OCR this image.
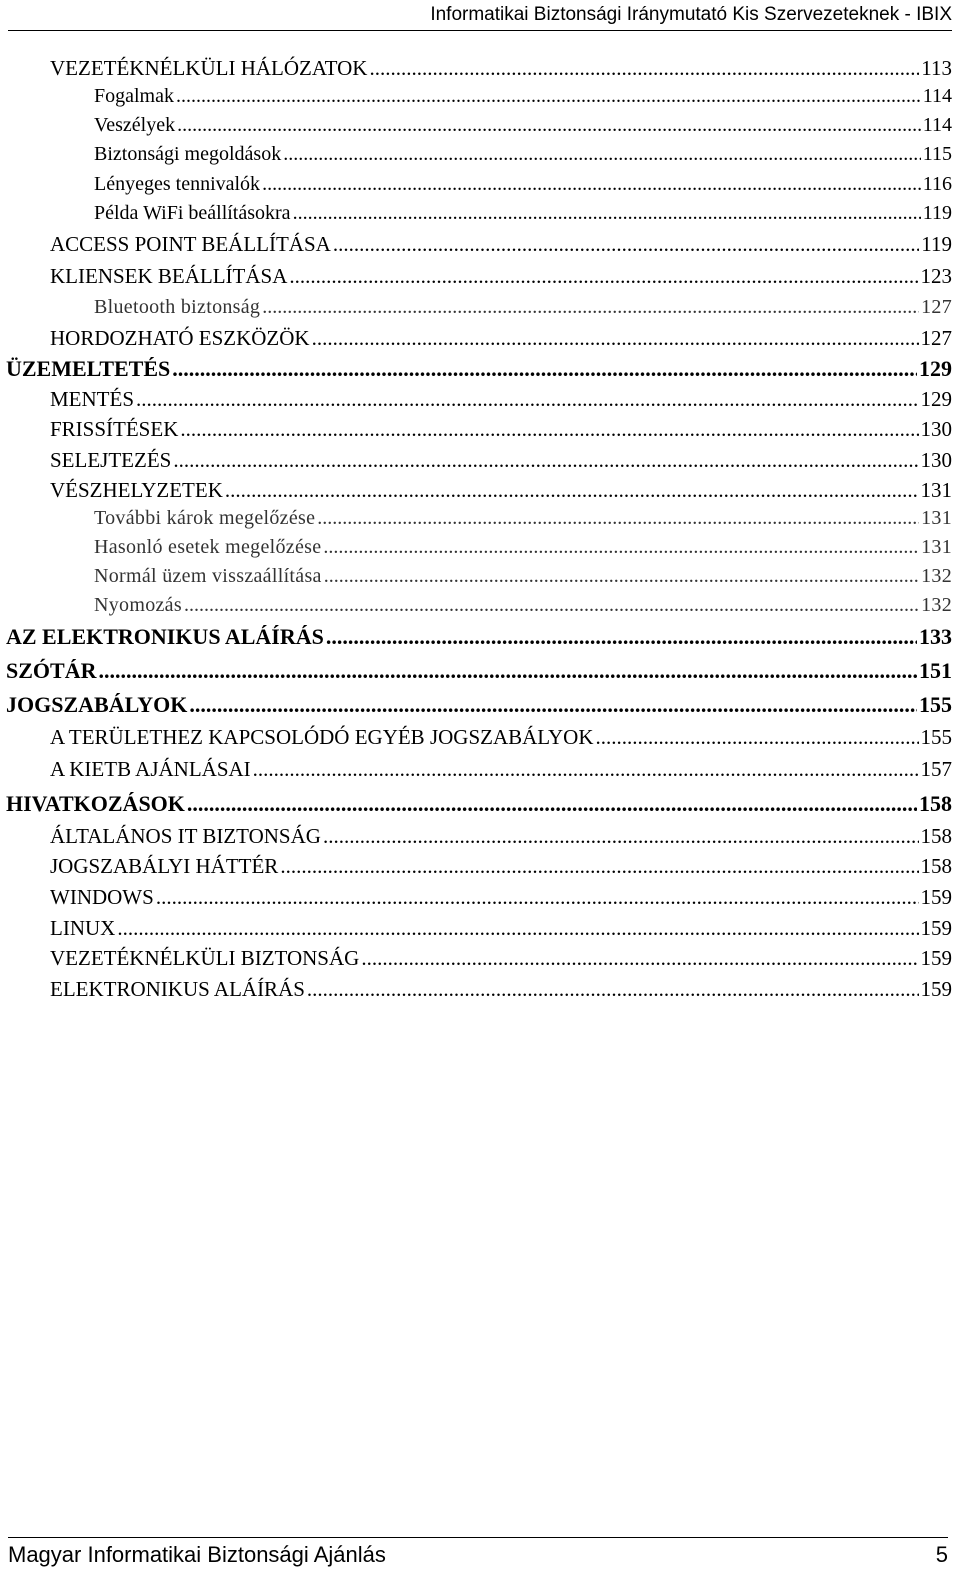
Informatikai Biztonsági Iránymutató Kis Szervezeteknek - IBIX
VEZETÉKNÉLKÜLI HÁLÓZATOK .....	113
Fogalmak .....	114
Veszélyek .....	114
Biztonsági megoldások .....	115
Lényeges tennivalók .....	116
Példa WiFi beállításokra .....	119
ACCESS POINT BEÁLLÍTÁSA .....	119
KLIENSEK BEÁLLÍTÁSA .....	123
Bluetooth biztonság .....	127
HORDOZHATÓ ESZKÖZÖK .....	127
ÜZEMELTETÉS .....	129
MENTÉS .....	129
FRISSÍTÉSEK .....	130
SELEJTEZÉS .....	130
VÉSZHELYZETEK .....	131
További károk megelőzése .....	131
Hasonló esetek megelőzése .....	131
Normál üzem visszaállítása .....	132
Nyomozás .....	132
AZ ELEKTRONIKUS ALÁÍRÁS .....	133
SZÓTÁR .....	151
JOGSZABÁLYOK .....	155
A TERÜLETHEZ KAPCSOLÓDÓ EGYÉB JOGSZABÁLYOK .....	155
A KIETB AJÁNLÁSAI .....	157
HIVATKOZÁSOK .....	158
ÁLTALÁNOS IT BIZTONSÁG .....	158
JOGSZABÁLYI HÁTTÉR .....	158
WINDOWS .....	159
LINUX .....	159
VEZETÉKNÉLKÜLI BIZTONSÁG .....	159
ELEKTRONIKUS ALÁÍRÁS .....	159
Magyar Informatikai Biztonsági Ajánlás	5
